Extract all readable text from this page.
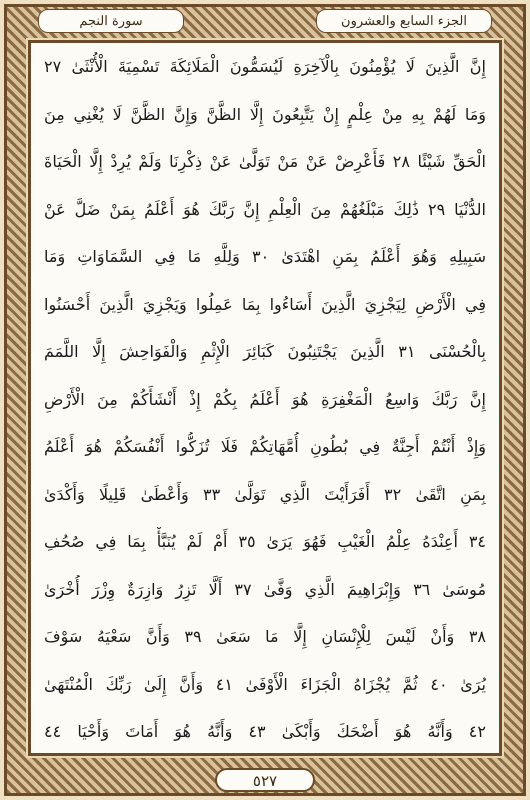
سورة النجم	الجزء السابع والعشرون
إِنَّ الَّذِينَ لَا يُؤْمِنُونَ بِالْآخِرَةِ لَيُسَمُّونَ الْمَلَائِكَةَ تَسْمِيَةَ الْأُنْثَىٰ ٢٧
وَمَا لَهُمْ بِهِ مِنْ عِلْمٍ إِنْ يَتَّبِعُونَ إِلَّا الظَّنَّ وَإِنَّ الظَّنَّ لَا يُغْنِي مِنَ
الْحَقِّ شَيْئًا ٢٨ فَأَعْرِضْ عَنْ مَنْ تَوَلَّىٰ عَنْ ذِكْرِنَا وَلَمْ يُرِدْ إِلَّا الْحَيَاةَ
الدُّنْيَا ٢٩ ذَٰلِكَ مَبْلَغُهُمْ مِنَ الْعِلْمِ إِنَّ رَبَّكَ هُوَ أَعْلَمُ بِمَنْ ضَلَّ عَنْ
سَبِيلِهِ وَهُوَ أَعْلَمُ بِمَنِ اهْتَدَىٰ ٣٠ وَلِلَّهِ مَا فِي السَّمَاوَاتِ وَمَا
فِي الْأَرْضِ لِيَجْزِيَ الَّذِينَ أَسَاءُوا بِمَا عَمِلُوا وَيَجْزِيَ الَّذِينَ أَحْسَنُوا
بِالْحُسْنَى ٣١ الَّذِينَ يَجْتَنِبُونَ كَبَائِرَ الْإِثْمِ وَالْفَوَاحِشَ إِلَّا اللَّمَمَ
إِنَّ رَبَّكَ وَاسِعُ الْمَغْفِرَةِ هُوَ أَعْلَمُ بِكُمْ إِذْ أَنْشَأَكُمْ مِنَ الْأَرْضِ
وَإِذْ أَنْتُمْ أَجِنَّةٌ فِي بُطُونِ أُمَّهَاتِكُمْ فَلَا تُزَكُّوا أَنْفُسَكُمْ هُوَ أَعْلَمُ
بِمَنِ اتَّقَىٰ ٣٢ أَفَرَأَيْتَ الَّذِي تَوَلَّىٰ ٣٣ وَأَعْطَىٰ قَلِيلًا وَأَكْدَىٰ
٣٤ أَعِنْدَهُ عِلْمُ الْغَيْبِ فَهُوَ يَرَىٰ ٣٥ أَمْ لَمْ يُنَبَّأْ بِمَا فِي صُحُفِ
مُوسَىٰ ٣٦ وَإِبْرَاهِيمَ الَّذِي وَفَّىٰ ٣٧ أَلَّا تَزِرُ وَازِرَةٌ وِزْرَ أُخْرَىٰ
٣٨ وَأَنْ لَيْسَ لِلْإِنْسَانِ إِلَّا مَا سَعَىٰ ٣٩ وَأَنَّ سَعْيَهُ سَوْفَ
يُرَىٰ ٤٠ ثُمَّ يُجْزَاهُ الْجَزَاءَ الْأَوْفَىٰ ٤١ وَأَنَّ إِلَىٰ رَبِّكَ الْمُنْتَهَىٰ
٤٢ وَأَنَّهُ هُوَ أَضْحَكَ وَأَبْكَىٰ ٤٣ وَأَنَّهُ هُوَ أَمَاتَ وَأَحْيَا ٤٤
٥٢٧
